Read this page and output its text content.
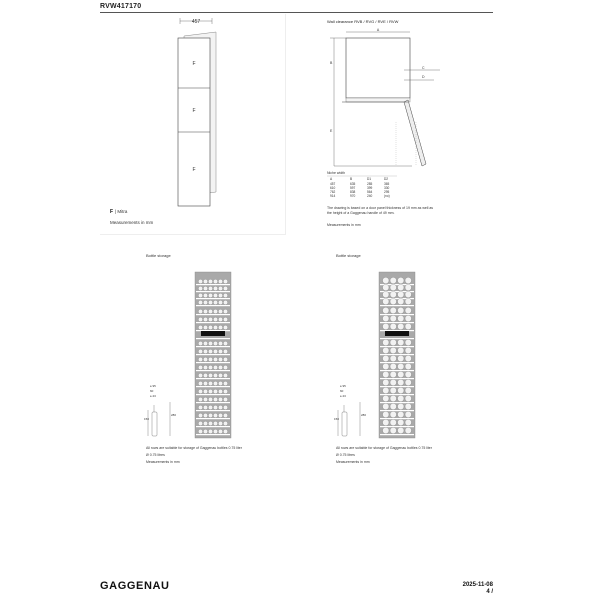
RVW417170
457
F
F
F
F | Mitra
Measurements in mm
Wall clearance RVB / RVG / RVE / RVW
A
B
C
D
E
Niche width
A	B	D1	D2
457	635	285	365
610	597	399	330
762	838	564	295
914	970	240	(no)
The drawing is based on a door panel thickness of 19 mm as well as the height of a Gaggenau handle of 49 mm.
Measurements in mm
Bottle storage
≤ 95
60
≤ 23
150
280
All rows are suitable for storage of Gaggenau bottles 0.75 liter
Ø 0.75 litres
Measurements in mm
Bottle storage
≤ 95
60
≤ 23
150
280
All rows are suitable for storage of Gaggenau bottles 0.75 liter
Ø 0.75 litres
Measurements in mm
GAGGENAU	2025-11-08
4 /
